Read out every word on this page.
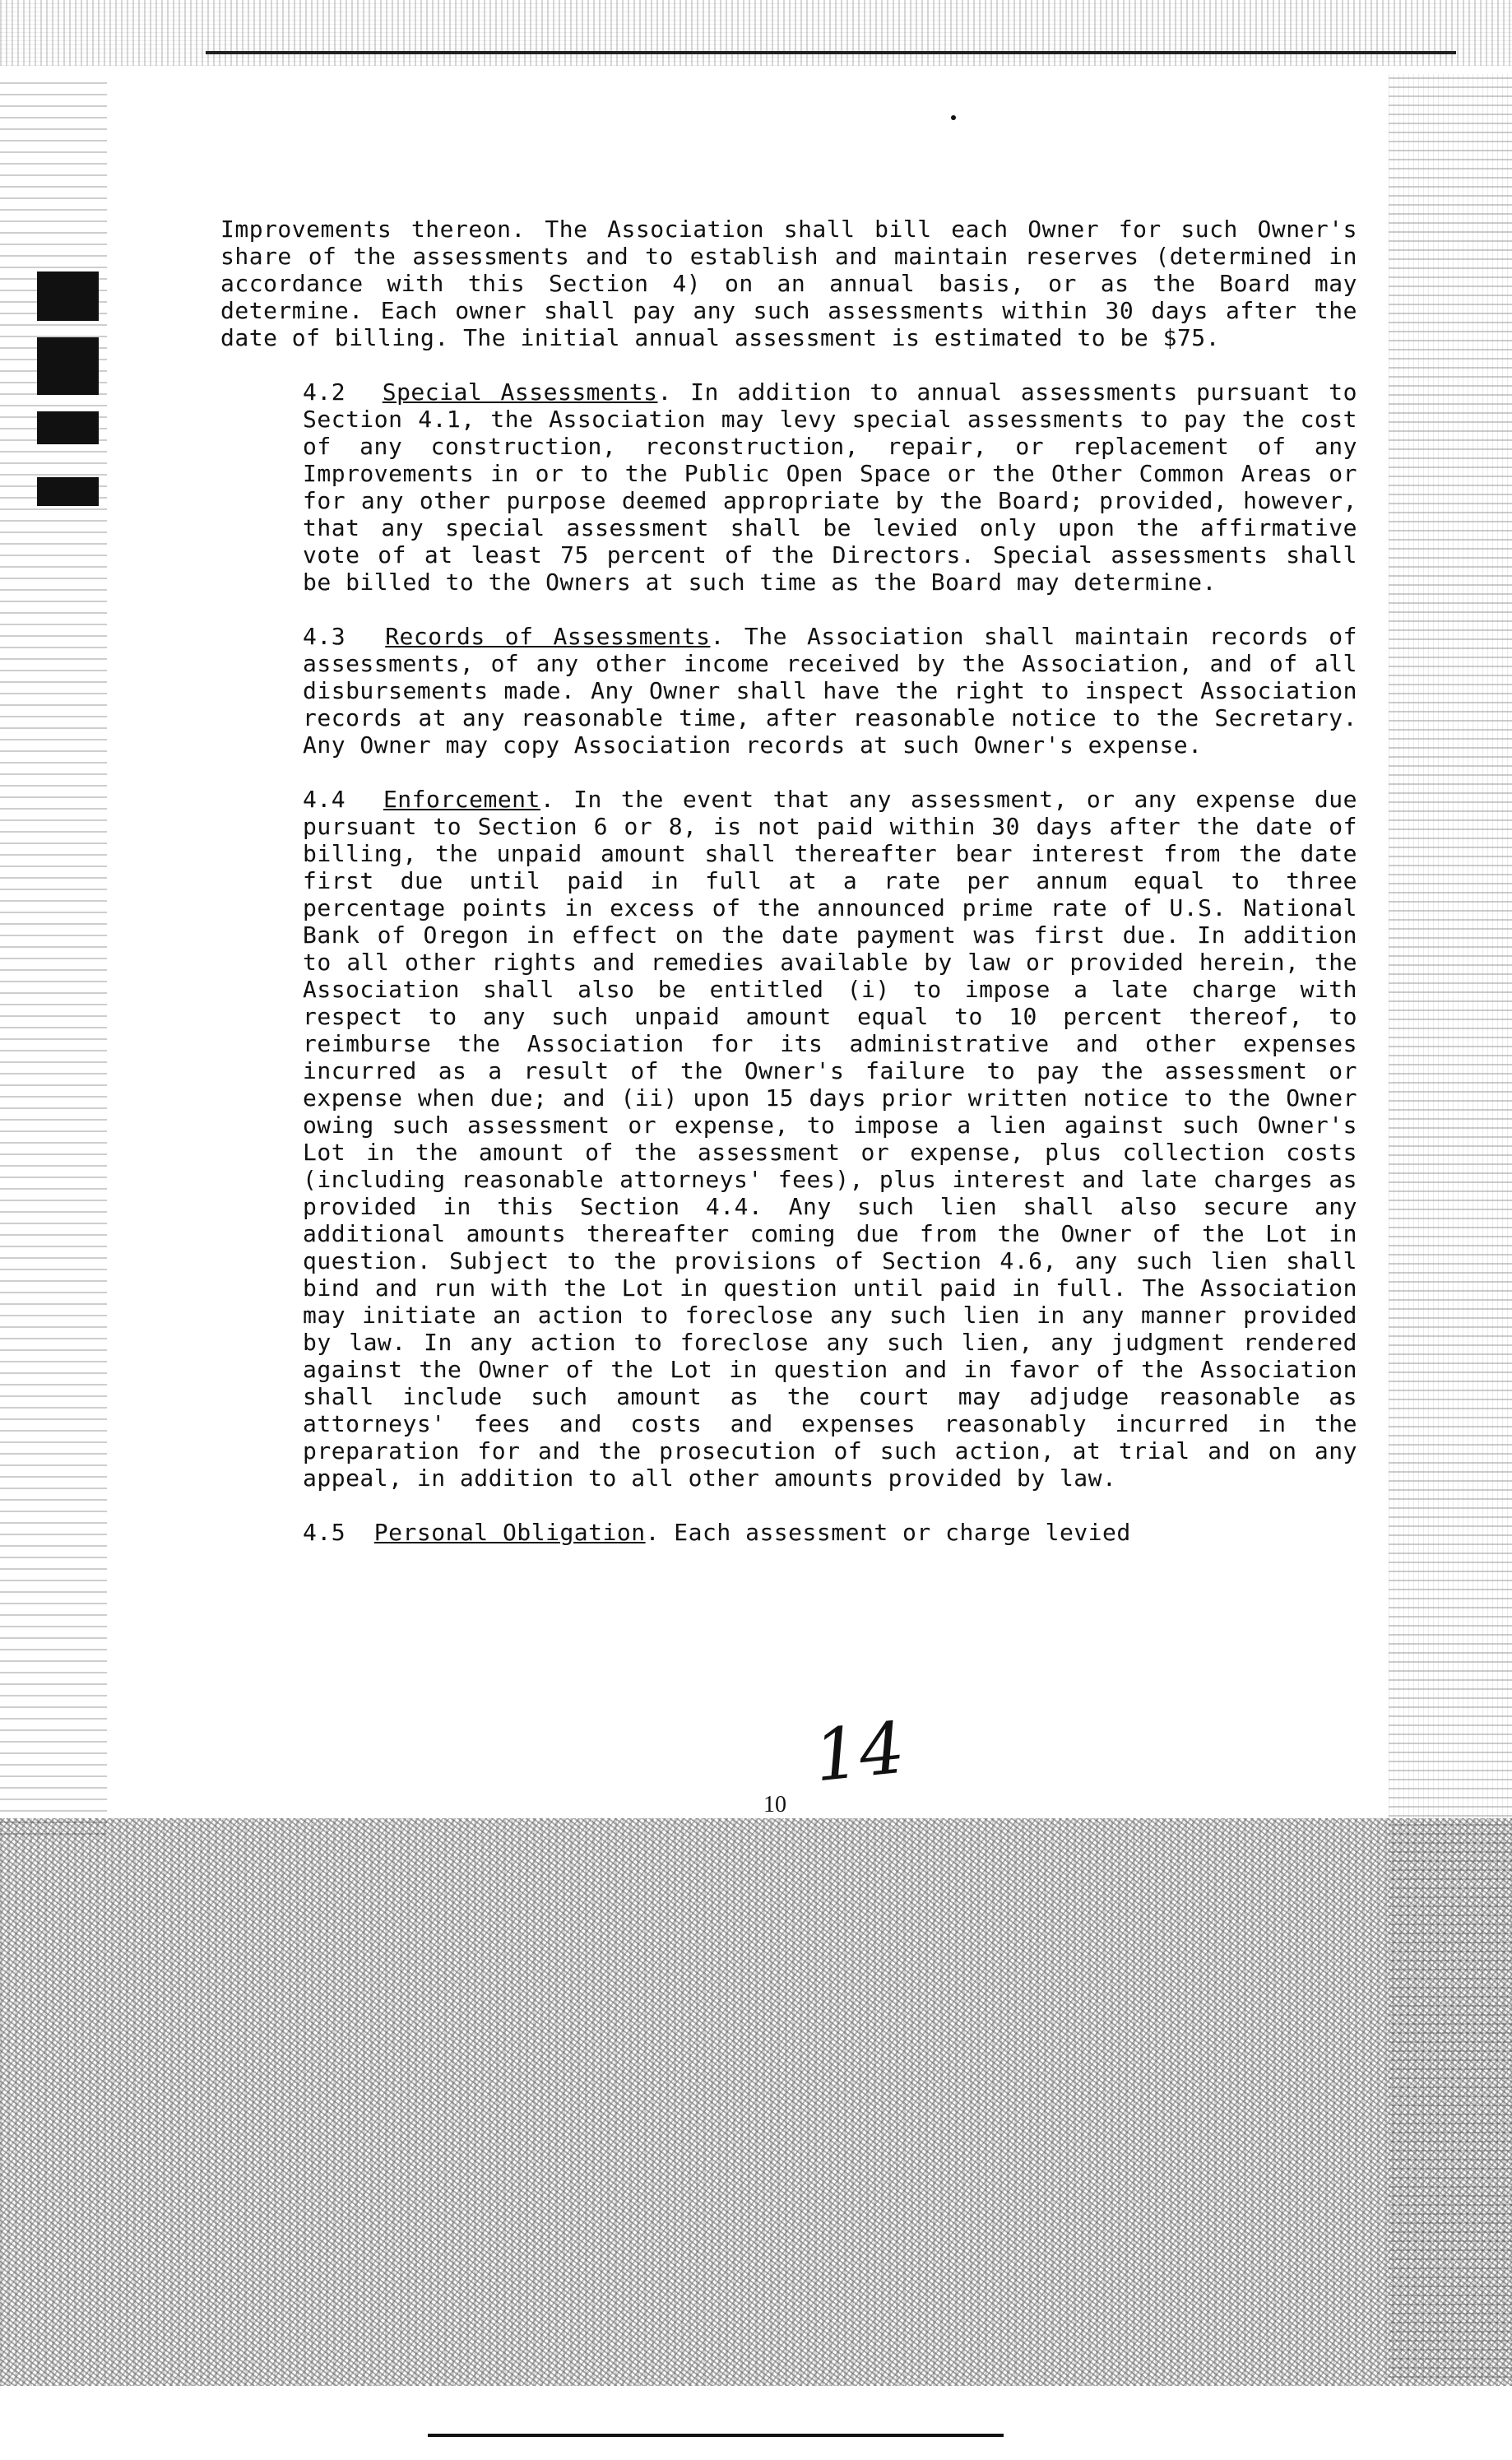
Improvements thereon. The Association shall bill each Owner for such Owner's share of the assessments and to establish and maintain reserves (determined in accordance with this Section 4) on an annual basis, or as the Board may determine. Each owner shall pay any such assessments within 30 days after the date of billing. The initial annual assessment is estimated to be $75.

4.2 Special Assessments. In addition to annual assessments pursuant to Section 4.1, the Association may levy special assessments to pay the cost of any construction, reconstruction, repair, or replacement of any Improvements in or to the Public Open Space or the Other Common Areas or for any other purpose deemed appropriate by the Board; provided, however, that any special assessment shall be levied only upon the affirmative vote of at least 75 percent of the Directors. Special assessments shall be billed to the Owners at such time as the Board may determine.

4.3 Records of Assessments. The Association shall maintain records of assessments, of any other income received by the Association, and of all disbursements made. Any Owner shall have the right to inspect Association records at any reasonable time, after reasonable notice to the Secretary. Any Owner may copy Association records at such Owner's expense.

4.4 Enforcement. In the event that any assessment, or any expense due pursuant to Section 6 or 8, is not paid within 30 days after the date of billing, the unpaid amount shall thereafter bear interest from the date first due until paid in full at a rate per annum equal to three percentage points in excess of the announced prime rate of U.S. National Bank of Oregon in effect on the date payment was first due. In addition to all other rights and remedies available by law or provided herein, the Association shall also be entitled (i) to impose a late charge with respect to any such unpaid amount equal to 10 percent thereof, to reimburse the Association for its administrative and other expenses incurred as a result of the Owner's failure to pay the assessment or expense when due; and (ii) upon 15 days prior written notice to the Owner owing such assessment or expense, to impose a lien against such Owner's Lot in the amount of the assessment or expense, plus collection costs (including reasonable attorneys' fees), plus interest and late charges as provided in this Section 4.4. Any such lien shall also secure any additional amounts thereafter coming due from the Owner of the Lot in question. Subject to the provisions of Section 4.6, any such lien shall bind and run with the Lot in question until paid in full. The Association may initiate an action to foreclose any such lien in any manner provided by law. In any action to foreclose any such lien, any judgment rendered against the Owner of the Lot in question and in favor of the Association shall include such amount as the court may adjudge reasonable as attorneys' fees and costs and expenses reasonably incurred in the preparation for and the prosecution of such action, at trial and on any appeal, in addition to all other amounts provided by law.

4.5 Personal Obligation. Each assessment or charge levied

14
10
